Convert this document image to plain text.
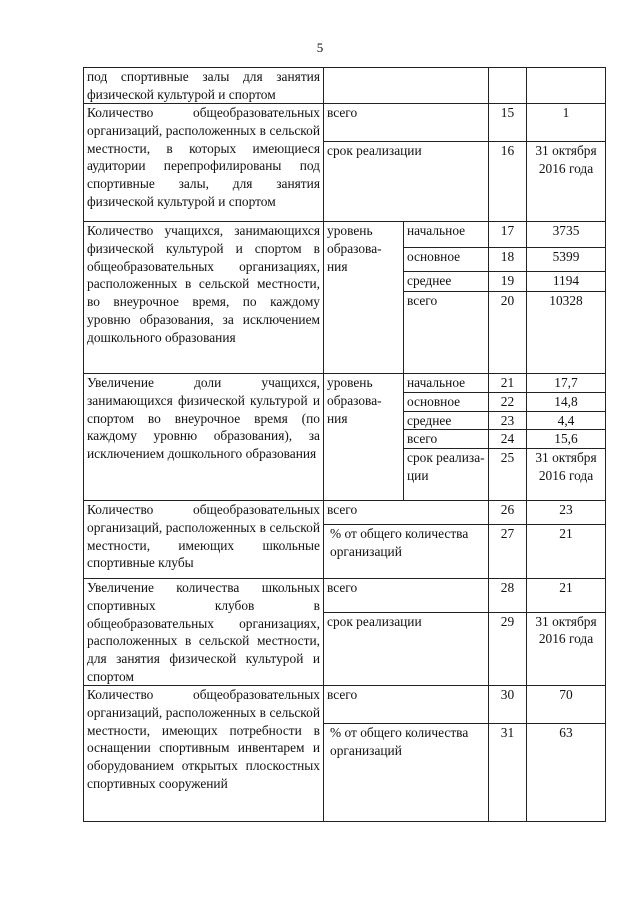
5
под спортивные залы для занятия физической культурой и спортом				
Количество общеобразовательных организаций, расположенных в сельской местности, в которых имеющиеся аудитории перепрофилированы под спортивные залы, для занятия физической культурой и спортом	всего		15	1
	срок реализации		16	31 октября 2016 года
Количество учащихся, занимающихся физической культурой и спортом в общеобразовательных организациях, расположенных в сельской местности, во внеурочное время, по каждому уровню образования, за исключением дошкольного образования	уровень образова-ния	начальное	17	3735
		основное	18	5399
		среднее	19	1194
		всего	20	10328
Увеличение доли учащихся, занимающихся физической культурой и спортом во внеурочное время (по каждому уровню образования), за исключением дошкольного образования	уровень образова-ния	начальное	21	17,7
		основное	22	14,8
		среднее	23	4,4
		всего	24	15,6
		срок реализа-ции	25	31 октября 2016 года
Количество общеобразовательных организаций, расположенных в сельской местности, имеющих школьные спортивные клубы	всего		26	23
	% от общего количества организаций		27	21
Увеличение количества школьных спортивных клубов в общеобразовательных организациях, расположенных в сельской местности, для занятия физической культурой и спортом	всего		28	21
	срок реализации		29	31 октября 2016 года
Количество общеобразовательных организаций, расположенных в сельской местности, имеющих потребности в оснащении спортивным инвентарем и оборудованием открытых плоскостных спортивных сооружений	всего		30	70
	% от общего количества организаций		31	63
